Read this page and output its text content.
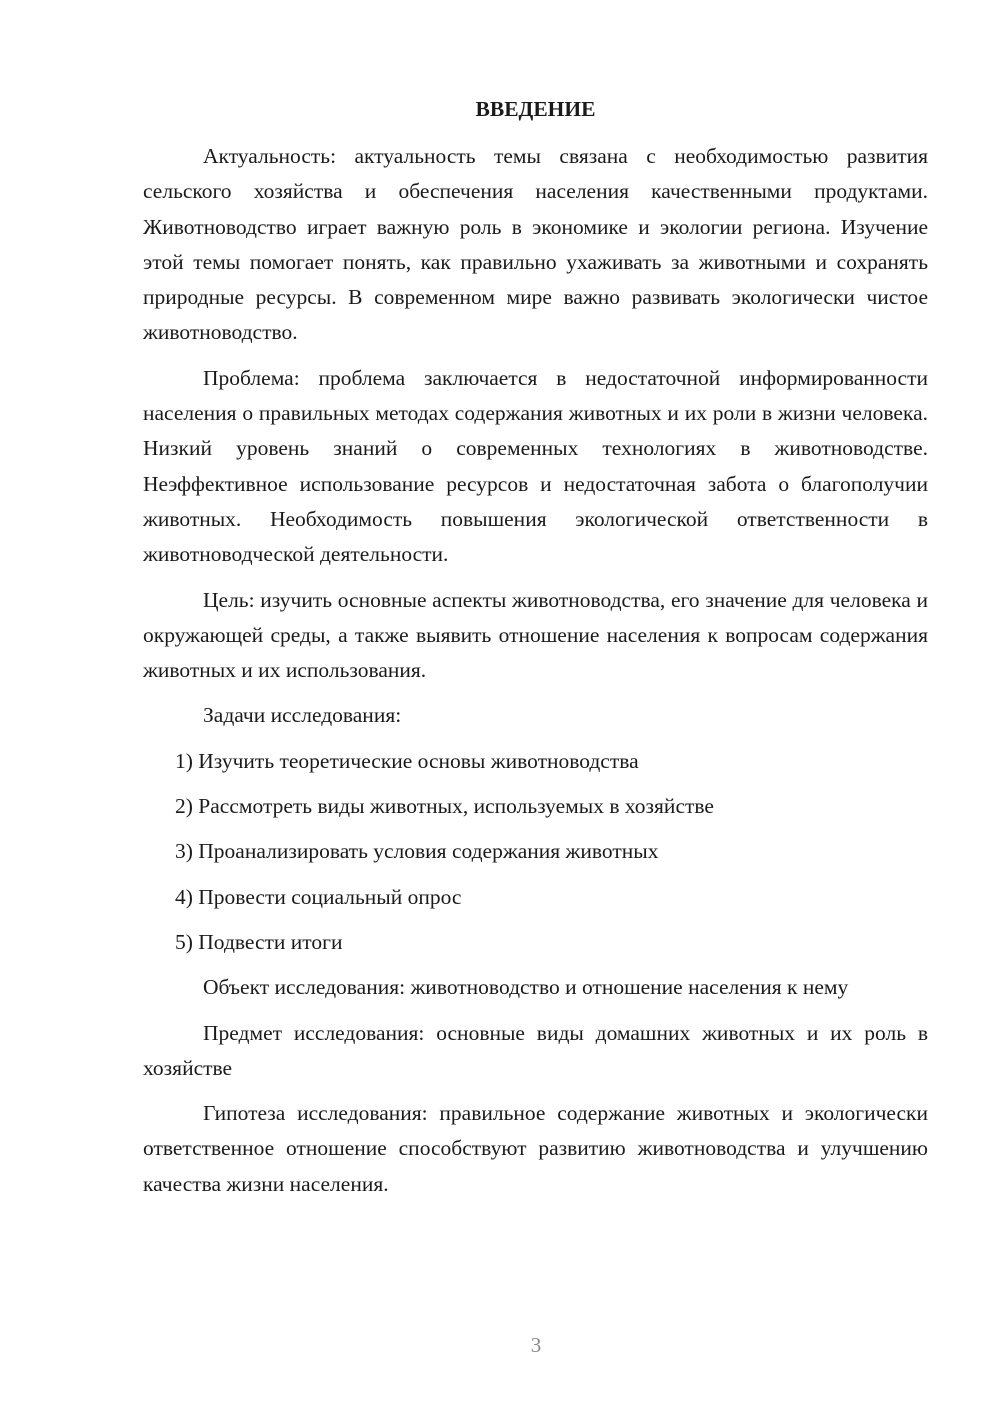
ВВЕДЕНИЕ

Актуальность: актуальность темы связана с необходимостью развития сельского хозяйства и обеспечения населения качественными продуктами. Животноводство играет важную роль в экономике и экологии региона. Изучение этой темы помогает понять, как правильно ухаживать за животными и сохранять природные ресурсы. В современном мире важно развивать экологически чистое животноводство.

Проблема: проблема заключается в недостаточной информированности населения о правильных методах содержания животных и их роли в жизни человека. Низкий уровень знаний о современных технологиях в животноводстве. Неэффективное использование ресурсов и недостаточная забота о благополучии животных. Необходимость повышения экологической ответственности в животноводческой деятельности.

Цель: изучить основные аспекты животноводства, его значение для человека и окружающей среды, а также выявить отношение населения к вопросам содержания животных и их использования.

Задачи исследования:

1) Изучить теоретические основы животноводства

2) Рассмотреть виды животных, используемых в хозяйстве

3) Проанализировать условия содержания животных

4) Провести социальный опрос

5) Подвести итоги

Объект исследования: животноводство и отношение населения к нему

Предмет исследования: основные виды домашних животных и их роль в хозяйстве

Гипотеза исследования: правильное содержание животных и экологически ответственное отношение способствуют развитию животноводства и улучшению качества жизни населения.

3
